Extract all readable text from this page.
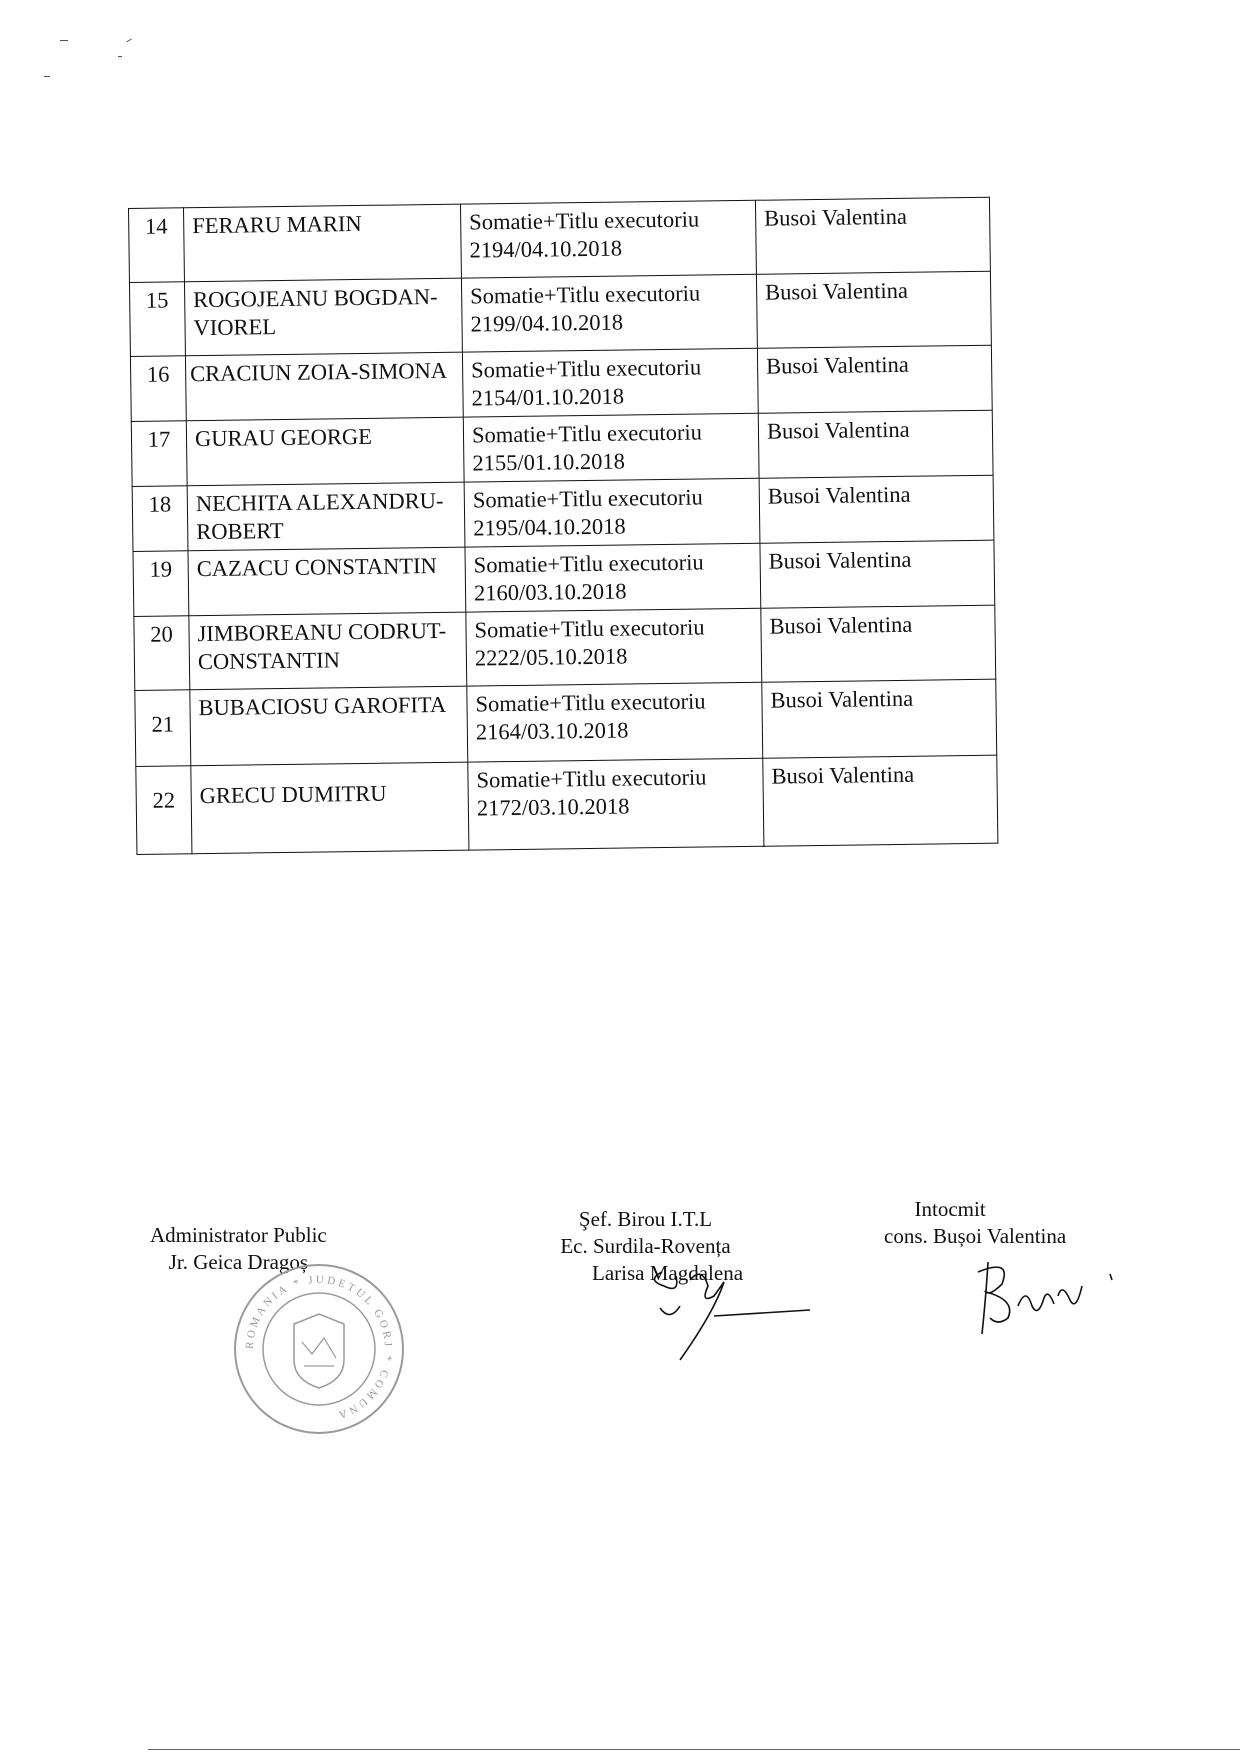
14	FERARU MARIN	Somatie+Titlu executoriu 2194/04.10.2018	Busoi Valentina
15	ROGOJEANU BOGDAN-VIOREL	Somatie+Titlu executoriu 2199/04.10.2018	Busoi Valentina
16	CRACIUN ZOIA-SIMONA	Somatie+Titlu executoriu 2154/01.10.2018	Busoi Valentina
17	GURAU GEORGE	Somatie+Titlu executoriu 2155/01.10.2018	Busoi Valentina
18	NECHITA ALEXANDRU-ROBERT	Somatie+Titlu executoriu 2195/04.10.2018	Busoi Valentina
19	CAZACU CONSTANTIN	Somatie+Titlu executoriu 2160/03.10.2018	Busoi Valentina
20	JIMBOREANU CODRUT-CONSTANTIN	Somatie+Titlu executoriu 2222/05.10.2018	Busoi Valentina
21	BUBACIOSU GAROFITA	Somatie+Titlu executoriu 2164/03.10.2018	Busoi Valentina
22	GRECU DUMITRU	Somatie+Titlu executoriu 2172/03.10.2018	Busoi Valentina
Administrator Public
Jr. Geica Dragoș
ROMANIA * JUDETUL GORJ * COMUNA
Şef. Birou I.T.L
Ec. Surdila-Rovența
Larisa Magdalena
Intocmit
cons. Bușoi Valentina
